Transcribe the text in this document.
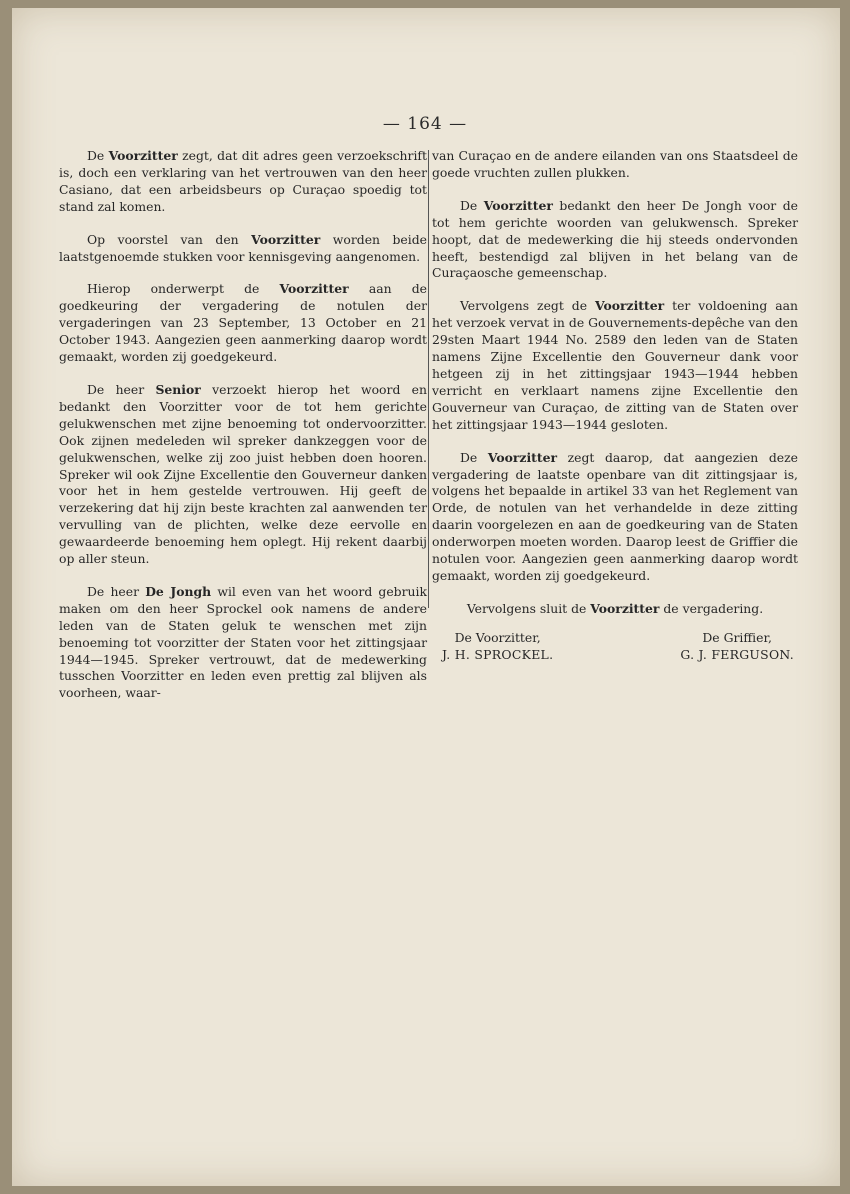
— 164 —

De Voorzitter zegt, dat dit adres geen verzoekschrift is, doch een verklaring van het vertrouwen van den heer Casiano, dat een arbeidsbeurs op Curaçao spoedig tot stand zal komen.

Op voorstel van den Voorzitter worden beide laatstgenoemde stukken voor kennisgeving aangenomen.

Hierop onderwerpt de Voorzitter aan de goedkeuring der vergadering de notulen der vergaderingen van 23 September, 13 October en 21 October 1943. Aangezien geen aanmerking daarop wordt gemaakt, worden zij goedgekeurd.

De heer Senior verzoekt hierop het woord en bedankt den Voorzitter voor de tot hem gerichte gelukwenschen met zijne benoeming tot ondervoorzitter. Ook zijnen medeleden wil spreker dankzeggen voor de gelukwenschen, welke zij zoo juist hebben doen hooren. Spreker wil ook Zijne Excellentie den Gouverneur danken voor het in hem gestelde vertrouwen. Hij geeft de verzekering dat hij zijn beste krachten zal aanwenden ter vervulling van de plichten, welke deze eervolle en gewaardeerde benoeming hem oplegt. Hij rekent daarbij op aller steun.

De heer De Jongh wil even van het woord gebruik maken om den heer Sprockel ook namens de andere leden van de Staten geluk te wenschen met zijn benoeming tot voorzitter der Staten voor het zittingsjaar 1944—1945. Spreker vertrouwt, dat de medewerking tusschen Voorzitter en leden even prettig zal blijven als voorheen, waar-

van Curaçao en de andere eilanden van ons Staatsdeel de goede vruchten zullen plukken.

De Voorzitter bedankt den heer De Jongh voor de tot hem gerichte woorden van gelukwensch. Spreker hoopt, dat de medewerking die hij steeds ondervonden heeft, bestendigd zal blijven in het belang van de Curaçaosche gemeenschap.

Vervolgens zegt de Voorzitter ter voldoening aan het verzoek vervat in de Gouvernements-depêche van den 29sten Maart 1944 No. 2589 den leden van de Staten namens Zijne Excellentie den Gouverneur dank voor hetgeen zij in het zittingsjaar 1943—1944 hebben verricht en verklaart namens zijne Excellentie den Gouverneur van Curaçao, de zitting van de Staten over het zittingsjaar 1943—1944 gesloten.

De Voorzitter zegt daarop, dat aangezien deze vergadering de laatste openbare van dit zittingsjaar is, volgens het bepaalde in artikel 33 van het Reglement van Orde, de notulen van het verhandelde in deze zitting daarin voorgelezen en aan de goedkeuring van de Staten onderworpen moeten worden. Daarop leest de Griffier die notulen voor. Aangezien geen aanmerking daarop wordt gemaakt, worden zij goedgekeurd.

Vervolgens sluit de Voorzitter de vergadering.

De Voorzitter,
J. H. SPROCKEL.
De Griffier,
G. J. FERGUSON.
